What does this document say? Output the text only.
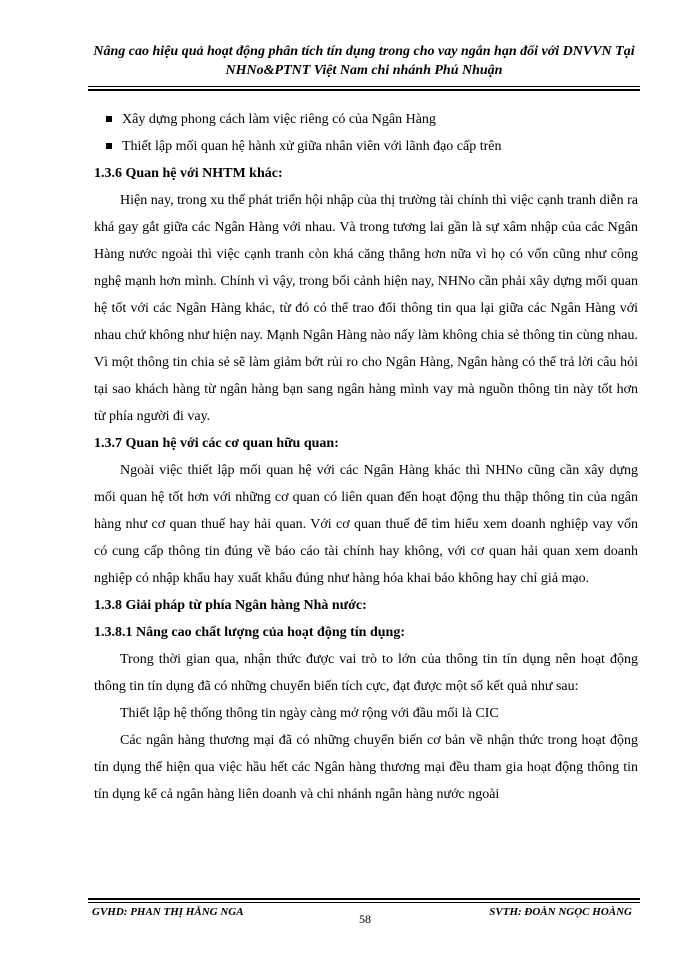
Nâng cao hiệu quả hoạt động phân tích tín dụng trong cho vay ngắn hạn đối với DNVVN Tại
NHNo&PTNT Việt Nam chi nhánh Phú Nhuận
Xây dựng phong cách làm việc riêng có của Ngân Hàng
Thiết lập mối quan hệ hành xử giữa nhân viên với lãnh đạo cấp trên
1.3.6 Quan hệ với NHTM khác:
Hiện nay, trong xu thế phát triển hội nhập của thị trường tài chính thì việc cạnh tranh diễn ra khá gay gắt giữa các Ngân Hàng với nhau. Và trong tương lai gần là sự xâm nhập của các Ngân Hàng nước ngoài thì việc cạnh tranh còn khá căng thẳng hơn nữa vì họ có vốn cũng như công nghệ mạnh hơn mình. Chính vì vậy, trong bối cảnh hiện nay, NHNo cần phải xây dựng mối quan hệ tốt với các Ngân Hàng khác, từ đó có thể trao đổi thông tin qua lại giữa các Ngân Hàng với nhau chứ không như hiện nay. Mạnh Ngân Hàng nào nấy làm không chia sẻ thông tin cùng nhau. Vì một thông tin chia sẻ sẽ làm giảm bớt rủi ro cho Ngân Hàng, Ngân hàng có thể trả lời câu hỏi tại sao khách hàng từ ngân hàng bạn sang ngân hàng mình vay mà nguồn thông tin này tốt hơn từ phía người đi vay.
1.3.7 Quan hệ với các cơ quan hữu quan:
Ngoài việc thiết lập mối quan hệ với các Ngân Hàng khác thì NHNo cũng cần xây dựng mối quan hệ tốt hơn với những cơ quan có liên quan đến hoạt động thu thập thông tin của ngân hàng như cơ quan thuế hay hải quan. Với cơ quan thuế để tìm hiểu xem doanh nghiệp vay vốn có cung cấp thông tin đúng về báo cáo tài chính hay không, với cơ quan hải quan xem doanh nghiệp có nhập khẩu hay xuất khẩu đúng như hàng hóa khai báo không hay chỉ giả mạo.
1.3.8 Giải pháp từ phía Ngân hàng Nhà nước:
1.3.8.1 Nâng cao chất lượng của hoạt động tín dụng:
Trong thời gian qua, nhận thức được vai trò to lớn của thông tin tín dụng nên hoạt động thông tin tín dụng đã có những chuyển biến tích cực, đạt được một số kết quả như sau:
Thiết lập hệ thống thông tin ngày càng mở rộng với đầu mối là CIC
Các ngân hàng thương mại đã có những chuyển biến cơ bản về nhận thức trong hoạt động tín dụng thể hiện qua việc hầu hết các Ngân hàng thương mại đều tham gia hoạt động thông tin tín dụng kể cả ngân hàng liên doanh và chi nhánh ngân hàng nước ngoài
GVHD: PHAN THỊ HẰNG NGA	58	SVTH: ĐOÀN NGỌC HOÀNG
